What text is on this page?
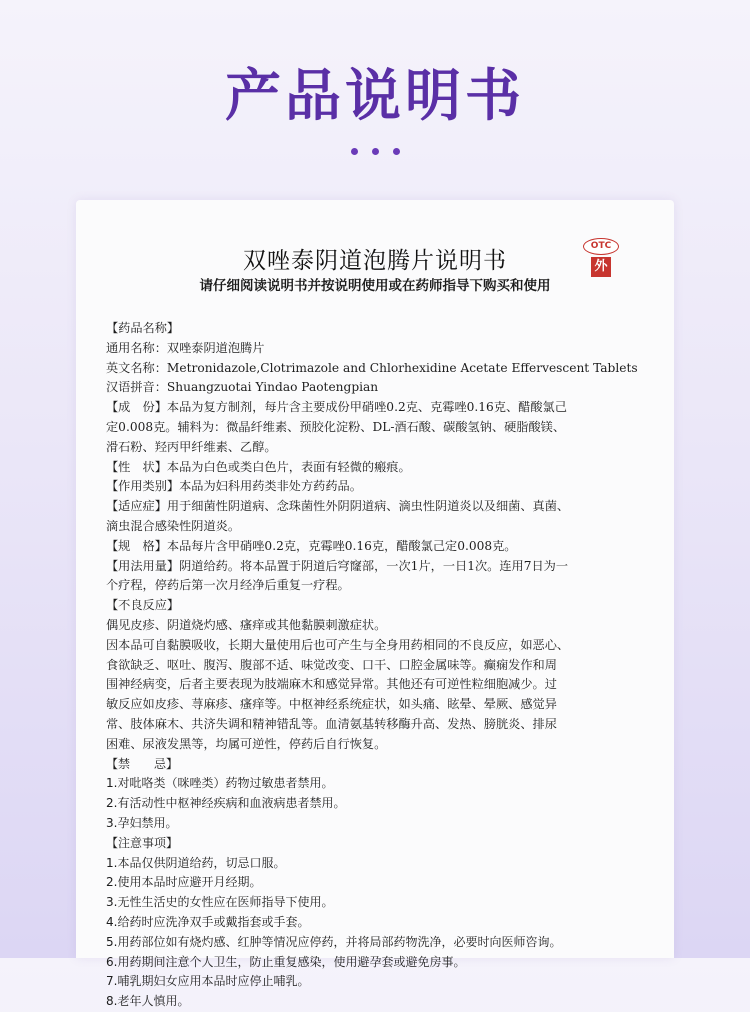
产品说明书
双唑泰阴道泡腾片说明书
OTC
外
请仔细阅读说明书并按说明使用或在药师指导下购买和使用

【药品名称】

通用名称：双唑泰阴道泡腾片

英文名称：Metronidazole,Clotrimazole and Chlorhexidine Acetate Effervescent Tablets

汉语拼音：Shuangzuotai Yindao Paotengpian

【成　份】本品为复方制剂，每片含主要成份甲硝唑0.2克、克霉唑0.16克、醋酸氯己

定0.008克。辅料为：微晶纤维素、预胶化淀粉、DL-酒石酸、碳酸氢钠、硬脂酸镁、

滑石粉、羟丙甲纤维素、乙醇。

【性　状】本品为白色或类白色片，表面有轻微的瘢痕。

【作用类别】本品为妇科用药类非处方药药品。

【适应症】用于细菌性阴道病、念珠菌性外阴阴道病、滴虫性阴道炎以及细菌、真菌、

滴虫混合感染性阴道炎。

【规　格】本品每片含甲硝唑0.2克，克霉唑0.16克，醋酸氯己定0.008克。

【用法用量】阴道给药。将本品置于阴道后穹窿部，一次1片，一日1次。连用7日为一

个疗程，停药后第一次月经净后重复一疗程。

【不良反应】

偶见皮疹、阴道烧灼感、瘙痒或其他黏膜刺激症状。

因本品可自黏膜吸收，长期大量使用后也可产生与全身用药相同的不良反应，如恶心、

食欲缺乏、呕吐、腹泻、腹部不适、味觉改变、口干、口腔金属味等。癫痫发作和周

围神经病变，后者主要表现为肢端麻木和感觉异常。其他还有可逆性粒细胞减少。过

敏反应如皮疹、荨麻疹、瘙痒等。中枢神经系统症状，如头痛、眩晕、晕厥、感觉异

常、肢体麻木、共济失调和精神错乱等。血清氨基转移酶升高、发热、膀胱炎、排尿

困难、尿液发黑等，均属可逆性，停药后自行恢复。

【禁　　忌】

1.对吡咯类（咪唑类）药物过敏患者禁用。

2.有活动性中枢神经疾病和血液病患者禁用。

3.孕妇禁用。

【注意事项】

1.本品仅供阴道给药，切忌口服。

2.使用本品时应避开月经期。

3.无性生活史的女性应在医师指导下使用。

4.给药时应洗净双手或戴指套或手套。

5.用药部位如有烧灼感、红肿等情况应停药，并将局部药物洗净，必要时向医师咨询。

6.用药期间注意个人卫生，防止重复感染，使用避孕套或避免房事。

7.哺乳期妇女应用本品时应停止哺乳。

8.老年人慎用。
